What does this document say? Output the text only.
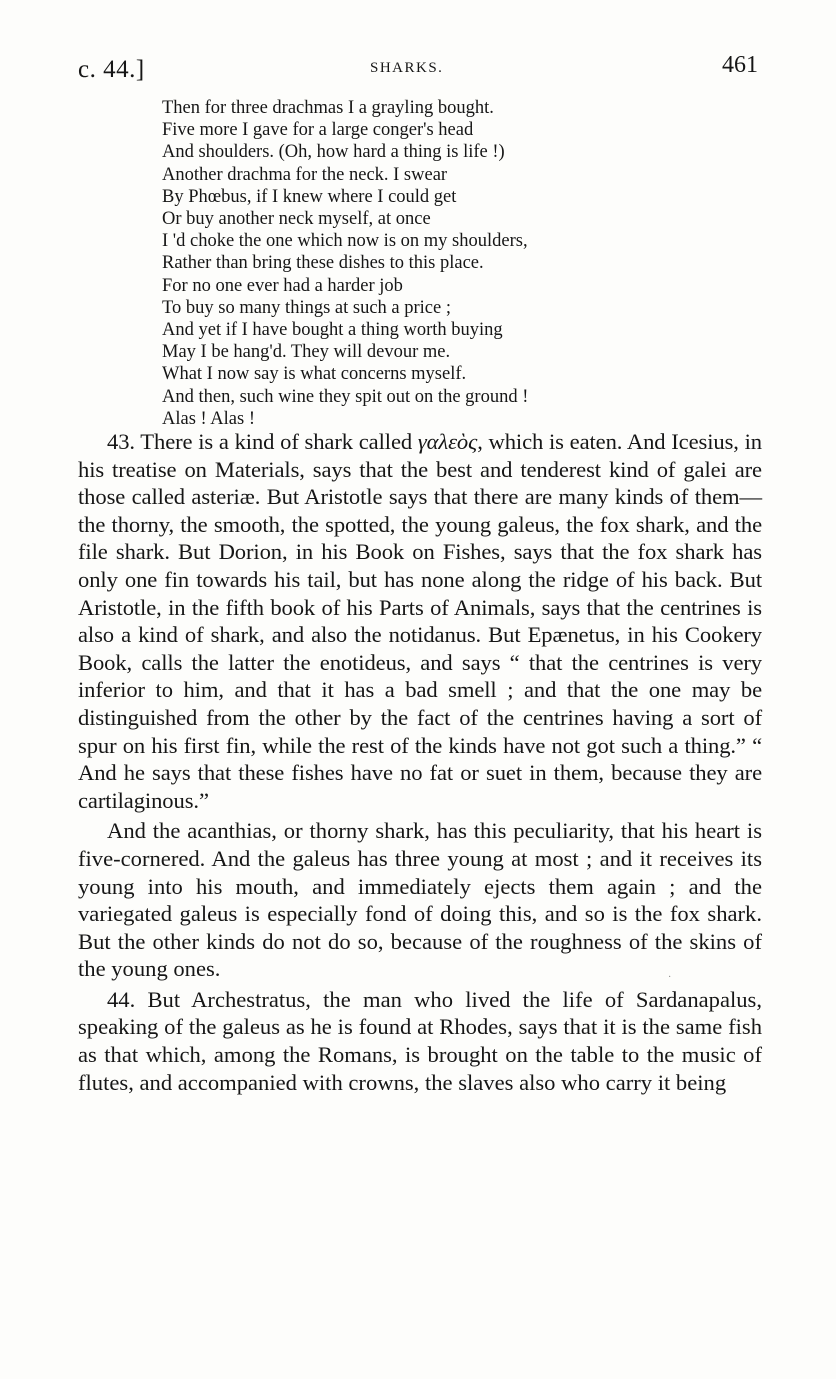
c. 44.]	SHARKS.	461
Then for three drachmas I a grayling bought.
Five more I gave for a large conger's head
And shoulders. (Oh, how hard a thing is life !)
Another drachma for the neck. I swear
By Phœbus, if I knew where I could get
Or buy another neck myself, at once
I 'd choke the one which now is on my shoulders,
Rather than bring these dishes to this place.
For no one ever had a harder job
To buy so many things at such a price ;
And yet if I have bought a thing worth buying
May I be hang'd. They will devour me.
What I now say is what concerns myself.
And then, such wine they spit out on the ground !
Alas ! Alas !

43. There is a kind of shark called γαλεὸς, which is eaten. And Icesius, in his treatise on Materials, says that the best and tenderest kind of galei are those called asteriæ. But Aristotle says that there are many kinds of them—the thorny, the smooth, the spotted, the young galeus, the fox shark, and the file shark. But Dorion, in his Book on Fishes, says that the fox shark has only one fin towards his tail, but has none along the ridge of his back. But Aristotle, in the fifth book of his Parts of Animals, says that the centrines is also a kind of shark, and also the notidanus. But Epænetus, in his Cookery Book, calls the latter the enotideus, and says “ that the centrines is very inferior to him, and that it has a bad smell ; and that the one may be distinguished from the other by the fact of the centrines having a sort of spur on his first fin, while the rest of the kinds have not got such a thing.” “ And he says that these fishes have no fat or suet in them, because they are cartilaginous.”

And the acanthias, or thorny shark, has this peculiarity, that his heart is five-cornered. And the galeus has three young at most ; and it receives its young into his mouth, and immediately ejects them again ; and the variegated galeus is especially fond of doing this, and so is the fox shark. But the other kinds do not do so, because of the roughness of the skins of the young ones.

44. But Archestratus, the man who lived the life of Sardanapalus, speaking of the galeus as he is found at Rhodes, says that it is the same fish as that which, among the Romans, is brought on the table to the music of flutes, and accompanied with crowns, the slaves also who carry it being

·
